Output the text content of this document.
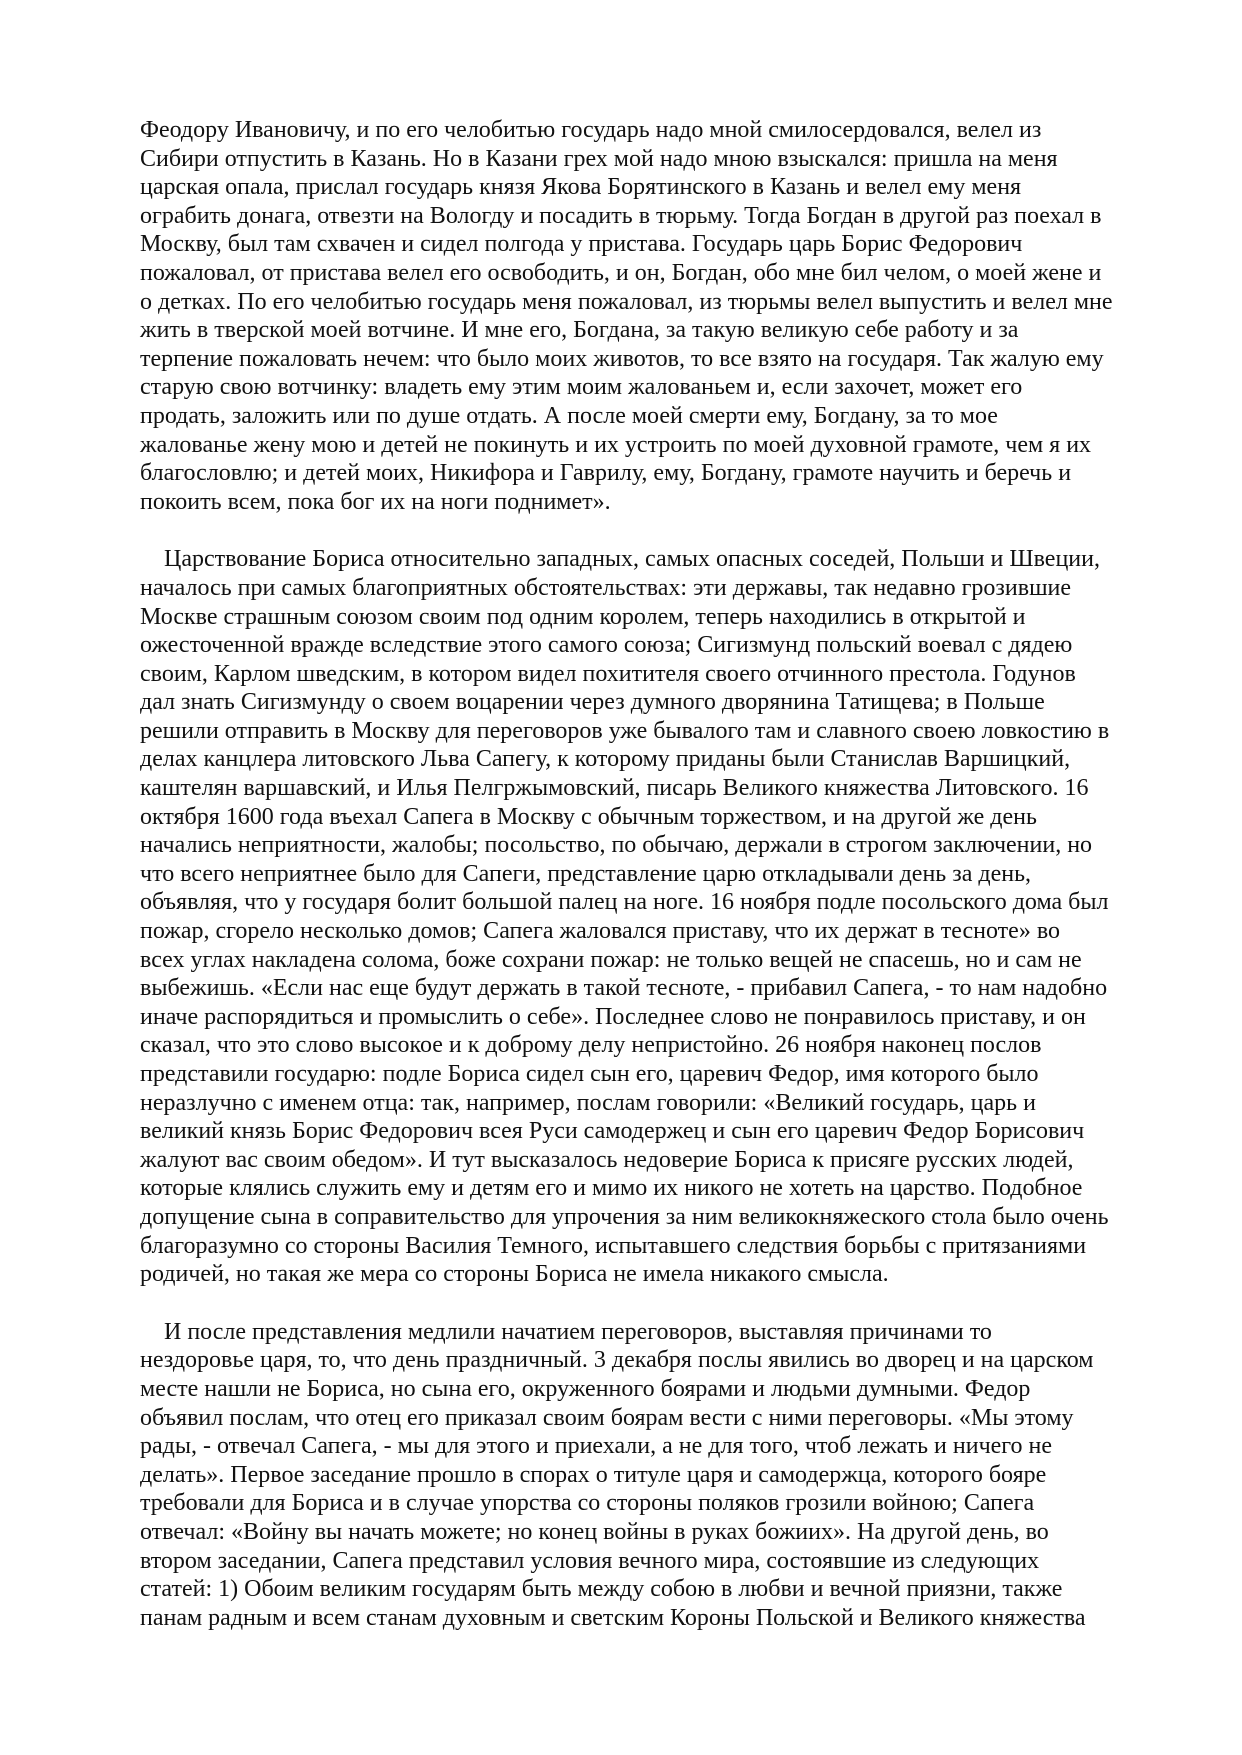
Феодору Ивановичу, и по его челобитью государь надо мной смилосердовался, велел из
Сибири отпустить в Казань. Но в Казани грех мой надо мною взыскался: пришла на меня
царская опала, прислал государь князя Якова Борятинского в Казань и велел ему меня
ограбить донага, отвезти на Вологду и посадить в тюрьму. Тогда Богдан в другой раз поехал в
Москву, был там схвачен и сидел полгода у пристава. Государь царь Борис Федорович
пожаловал, от пристава велел его освободить, и он, Богдан, обо мне бил челом, о моей жене и
о детках. По его челобитью государь меня пожаловал, из тюрьмы велел выпустить и велел мне
жить в тверской моей вотчине. И мне его, Богдана, за такую великую себе работу и за
терпение пожаловать нечем: что было моих животов, то все взято на государя. Так жалую ему
старую свою вотчинку: владеть ему этим моим жалованьем и, если захочет, может его
продать, заложить или по душе отдать. А после моей смерти ему, Богдану, за то мое
жалованье жену мою и детей не покинуть и их устроить по моей духовной грамоте, чем я их
благословлю; и детей моих, Никифора и Гаврилу, ему, Богдану, грамоте научить и беречь и
покоить всем, пока бог их на ноги поднимет».
Царствование Бориса относительно западных, самых опасных соседей, Польши и Швеции,
началось при самых благоприятных обстоятельствах: эти державы, так недавно грозившие
Москве страшным союзом своим под одним королем, теперь находились в открытой и
ожесточенной вражде вследствие этого самого союза; Сигизмунд польский воевал с дядею
своим, Карлом шведским, в котором видел похитителя своего отчинного престола. Годунов
дал знать Сигизмунду о своем воцарении через думного дворянина Татищева; в Польше
решили отправить в Москву для переговоров уже бывалого там и славного своею ловкостию в
делах канцлера литовского Льва Сапегу, к которому приданы были Станислав Варшицкий,
каштелян варшавский, и Илья Пелгржымовский, писарь Великого княжества Литовского. 16
октября 1600 года въехал Сапега в Москву с обычным торжеством, и на другой же день
начались неприятности, жалобы; посольство, по обычаю, держали в строгом заключении, но
что всего неприятнее было для Сапеги, представление царю откладывали день за день,
объявляя, что у государя болит большой палец на ноге. 16 ноября подле посольского дома был
пожар, сгорело несколько домов; Сапега жаловался приставу, что их держат в тесноте» во
всех углах накладена солома, боже сохрани пожар: не только вещей не спасешь, но и сам не
выбежишь. «Если нас еще будут держать в такой тесноте, - прибавил Сапега, - то нам надобно
иначе распорядиться и промыслить о себе». Последнее слово не понравилось приставу, и он
сказал, что это слово высокое и к доброму делу непристойно. 26 ноября наконец послов
представили государю: подле Бориса сидел сын его, царевич Федор, имя которого было
неразлучно с именем отца: так, например, послам говорили: «Великий государь, царь и
великий князь Борис Федорович всея Руси самодержец и сын его царевич Федор Борисович
жалуют вас своим обедом». И тут высказалось недоверие Бориса к присяге русских людей,
которые клялись служить ему и детям его и мимо их никого не хотеть на царство. Подобное
допущение сына в соправительство для упрочения за ним великокняжеского стола было очень
благоразумно со стороны Василия Темного, испытавшего следствия борьбы с притязаниями
родичей, но такая же мера со стороны Бориса не имела никакого смысла.
И после представления медлили начатием переговоров, выставляя причинами то
нездоровье царя, то, что день праздничный. 3 декабря послы явились во дворец и на царском
месте нашли не Бориса, но сына его, окруженного боярами и людьми думными. Федор
объявил послам, что отец его приказал своим боярам вести с ними переговоры. «Мы этому
рады, - отвечал Сапега, - мы для этого и приехали, а не для того, чтоб лежать и ничего не
делать». Первое заседание прошло в спорах о титуле царя и самодержца, которого бояре
требовали для Бориса и в случае упорства со стороны поляков грозили войною; Сапега
отвечал: «Войну вы начать можете; но конец войны в руках божиих». На другой день, во
втором заседании, Сапега представил условия вечного мира, состоявшие из следующих
статей: 1) Обоим великим государям быть между собою в любви и вечной приязни, также
панам радным и всем станам духовным и светским Короны Польской и Великого княжества
